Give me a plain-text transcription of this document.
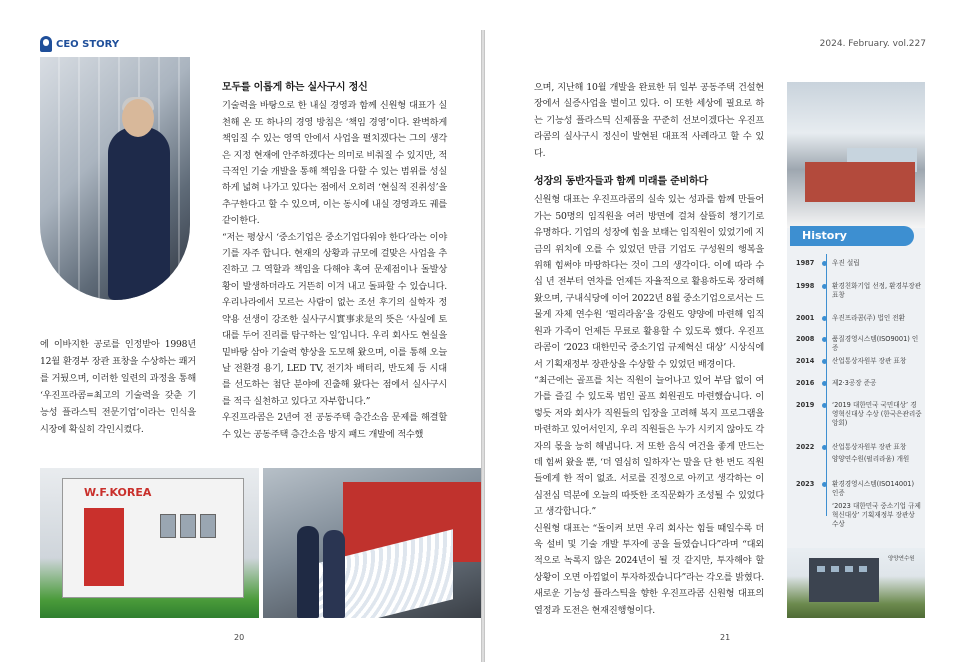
CEO STORY	2024. February. vol.227

에 이바지한 공로를 인정받아 1998년 12월 환경부 장관 표창을 수상하는 쾌거를 거뒀으며, 이러한 일련의 과정을 통해 ‘우진프라콤=최고의 기술력을 갖춘 기능성 플라스틱 전문기업’이라는 인식을 시장에 확실히 각인시켰다.

모두를 이롭게 하는 실사구시 정신

기술력을 바탕으로 한 내실 경영과 함께 신원형 대표가 실천해 온 또 하나의 경영 방침은 ‘책임 경영’이다. 완벽하게 책임질 수 있는 영역 안에서 사업을 펼치겠다는 그의 생각은 지정 현재에 안주하겠다는 의미로 비춰질 수 있지만, 적극적인 기술 개발을 통해 책임을 다할 수 있는 범위를 성실하게 넓혀 나가고 있다는 점에서 오히려 ‘현실적 진취성’을 추구한다고 할 수 있으며, 이는 동시에 내실 경영과도 궤를 같이한다.

“저는 평상시 ‘중소기업은 중소기업다워야 한다’라는 이야기를 자주 합니다. 현재의 상황과 규모에 걸맞은 사업을 추진하고 그 역할과 책임을 다해야 혹여 문제점이나 돌발상황이 발생하더라도 거뜬히 이겨 내고 돌파할 수 있습니다. 우리나라에서 모르는 사람이 없는 조선 후기의 실학자 정약용 선생이 강조한 실사구시實事求是의 뜻은 ‘사실에 토대를 두어 진리를 탐구하는 일’입니다. 우리 회사도 현실을 밑바탕 삼아 기술력 향상을 도모해 왔으며, 이를 통해 오늘날 전환경 용기, LED TV, 전기차 배터리, 반도체 등 시대를 선도하는 첨단 분야에 진출해 왔다는 점에서 실사구시를 적극 실천하고 있다고 자부합니다.”

우진프라콤은 2년여 전 공동주택 층간소음 문제를 해결할 수 있는 공동주택 층간소음 방지 패드 개발에 적수했

W.F.KOREA
20

으며, 지난해 10월 개발을 완료한 뒤 일부 공동주택 건설현장에서 실증사업을 벌이고 있다. 이 또한 세상에 필요로 하는 기능성 플라스틱 신제품을 꾸준히 선보이겠다는 우진프라콤의 실사구시 정신이 발현된 대표적 사례라고 할 수 있다.

성장의 동반자들과 함께 미래를 준비하다

신원형 대표는 우진프라콤의 실속 있는 성과를 함께 만들어 가는 50명의 임직원을 여러 방면에 걸쳐 살뜰히 챙기기로 유명하다. 기업의 성장에 힘을 보태는 임직원이 있었기에 지금의 위치에 오를 수 있었던 만큼 기업도 구성원의 행복을 위해 힘써야 마땅하다는 것이 그의 생각이다. 이에 따라 수십 년 전부터 연차를 언제든 자율적으로 활용하도록 장려해 왔으며, 구내식당에 이어 2022년 8월 중소기업으로서는 드물게 자체 연수원 ‘펄리라움’을 강원도 양양에 마련해 임직원과 가족이 언제든 무료로 활용할 수 있도록 했다. 우진프라콤이 ‘2023 대한민국 중소기업 규제혁신 대상’ 시상식에서 기획재정부 장관상을 수상할 수 있었던 배경이다.

“최근에는 골프를 치는 직원이 늘어나고 있어 부담 없이 여가를 즐길 수 있도록 법인 골프 회원권도 마련했습니다. 이렇듯 저와 회사가 직원들의 입장을 고려해 복지 프로그램을 마련하고 있어서인지, 우리 직원들은 누가 시키지 않아도 각자의 몫을 능히 해냅니다. 저 또한 음식 여건을 좋게 만드는 데 힘써 왔을 뿐, ‘더 열심히 일하자’는 말을 단 한 번도 직원들에게 한 적이 없죠. 서로를 진정으로 아끼고 생각하는 이심전심 덕분에 오늘의 따뜻한 조직문화가 조성될 수 있었다고 생각합니다.”

신원형 대표는 “돌이켜 보면 우리 회사는 힘들 때일수록 더욱 설비 및 기술 개발 투자에 공을 들였습니다”라며 “대외적으로 녹록지 않은 2024년이 될 것 같지만, 투자해야 할 상황이 오면 아낌없이 투자하겠습니다”라는 각오를 밝혔다. 새로운 기능성 플라스틱을 향한 우진프라콤 신원형 대표의 열정과 도전은 현재진행형이다.

21
History
1987	우진 설립
1998	환경친화기업 선정, 환경부장관 표창
2001	우진프라콤(주) 법인 전환
2008	품질경영시스템(ISO9001) 인증
2014	산업통상자원부 장관 표창
2016	제2·3공장 준공
2019	‘2019 대한민국 국민대상’ 경영혁신대상 수상 (한국은관리중앙회)
2022	산업통상자원부 장관 표창
양양연수원(펄리라움) 개원
2023	환경경영시스템(ISO14001) 인증
‘2023 대한민국 중소기업 규제혁신대상’ 기획재정부 장관상 수상
양양연수원
